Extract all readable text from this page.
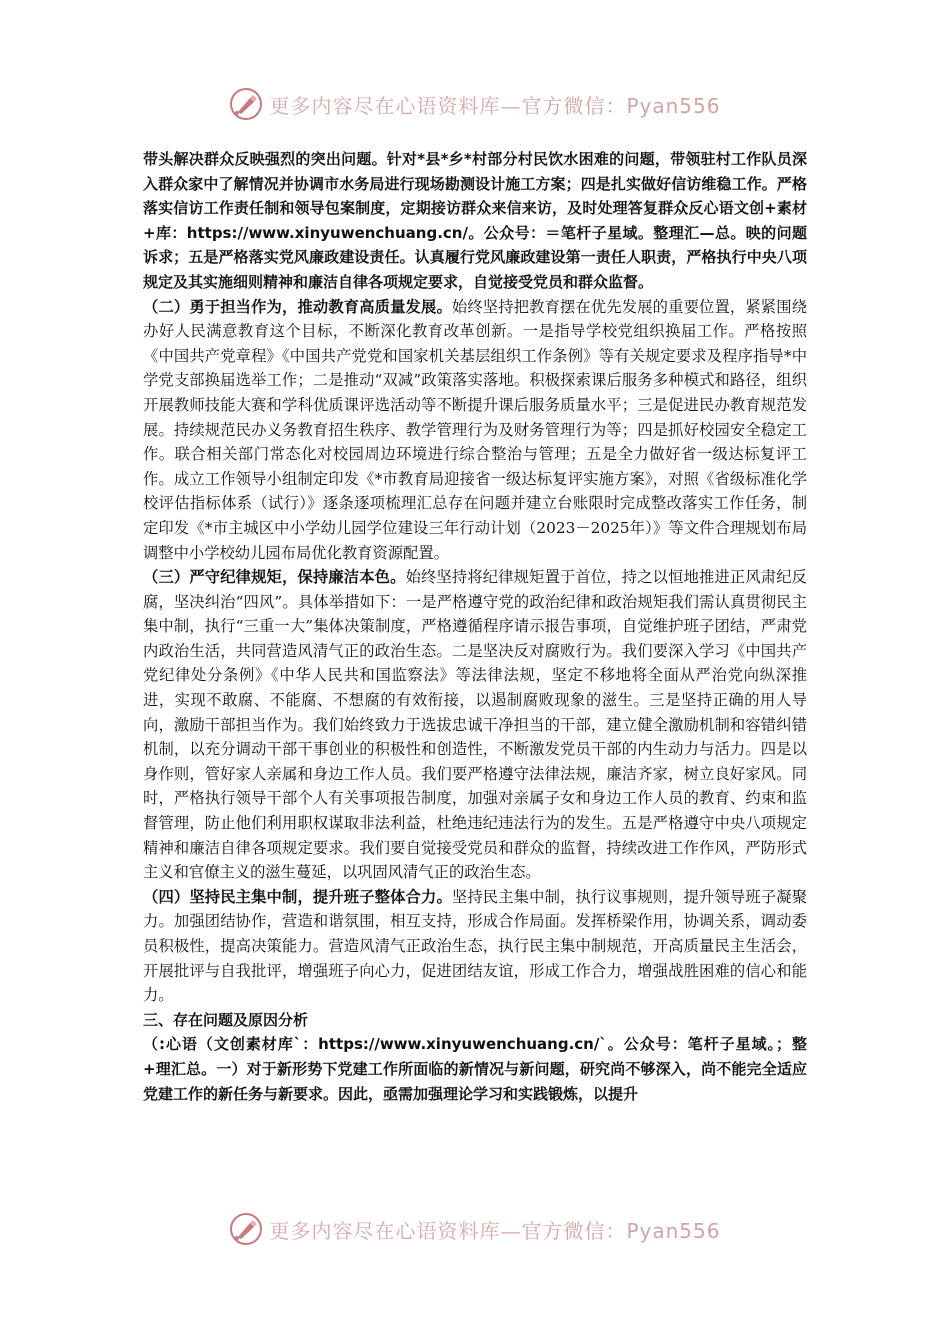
更多内容尽在心语资料库— 官方微信：Pyan556

带头解决群众反映强烈的突出问题。针对*县*乡*村部分村民饮水困难的问题，带领驻村工作队员深入群众家中了解情况并协调市水务局进行现场勘测设计施工方案；四是扎实做好信访维稳工作。严格落实信访工作责任制和领导包案制度，定期接访群众来信来访，及时处理答复群众反心语文创+素材+库：https://www.xinyuwenchuang.cn/。公众号：＝笔杆子星域。整理汇—总。映的问题诉求；五是严格落实党风廉政建设责任。认真履行党风廉政建设第一责任人职责，严格执行中央八项规定及其实施细则精神和廉洁自律各项规定要求，自觉接受党员和群众监督。

（二）勇于担当作为，推动教育高质量发展。始终坚持把教育摆在优先发展的重要位置，紧紧围绕办好人民满意教育这个目标，不断深化教育改革创新。一是指导学校党组织换届工作。严格按照《中国共产党章程》《中国共产党党和国家机关基层组织工作条例》等有关规定要求及程序指导*中学党支部换届选举工作；二是推动“双减”政策落实落地。积极探索课后服务多种模式和路径，组织开展教师技能大赛和学科优质课评选活动等不断提升课后服务质量水平；三是促进民办教育规范发展。持续规范民办义务教育招生秩序、教学管理行为及财务管理行为等；四是抓好校园安全稳定工作。联合相关部门常态化对校园周边环境进行综合整治与管理；五是全力做好省一级达标复评工作。成立工作领导小组制定印发《*市教育局迎接省一级达标复评实施方案》，对照《省级标准化学校评估指标体系（试行）》逐条逐项梳理汇总存在问题并建立台账限时完成整改落实工作任务，制定印发《*市主城区中小学幼儿园学位建设三年行动计划（2023－2025年）》等文件合理规划布局调整中小学校幼儿园布局优化教育资源配置。

（三）严守纪律规矩，保持廉洁本色。始终坚持将纪律规矩置于首位，持之以恒地推进正风肃纪反腐，坚决纠治“四风”。具体举措如下：一是严格遵守党的政治纪律和政治规矩我们需认真贯彻民主集中制，执行“三重一大”集体决策制度，严格遵循程序请示报告事项，自觉维护班子团结，严肃党内政治生活，共同营造风清气正的政治生态。二是坚决反对腐败行为。我们要深入学习《中国共产党纪律处分条例》《中华人民共和国监察法》等法律法规，坚定不移地将全面从严治党向纵深推进，实现不敢腐、不能腐、不想腐的有效衔接，以遏制腐败现象的滋生。三是坚持正确的用人导向，激励干部担当作为。我们始终致力于选拔忠诚干净担当的干部，建立健全激励机制和容错纠错机制，以充分调动干部干事创业的积极性和创造性，不断激发党员干部的内生动力与活力。四是以身作则，管好家人亲属和身边工作人员。我们要严格遵守法律法规，廉洁齐家，树立良好家风。同时，严格执行领导干部个人有关事项报告制度，加强对亲属子女和身边工作人员的教育、约束和监督管理，防止他们利用职权谋取非法利益，杜绝违纪违法行为的发生。五是严格遵守中央八项规定精神和廉洁自律各项规定要求。我们要自觉接受党员和群众的监督，持续改进工作作风，严防形式主义和官僚主义的滋生蔓延，以巩固风清气正的政治生态。

（四）坚持民主集中制，提升班子整体合力。坚持民主集中制，执行议事规则，提升领导班子凝聚力。加强团结协作，营造和谐氛围，相互支持，形成合作局面。发挥桥梁作用，协调关系，调动委员积极性，提高决策能力。营造风清气正政治生态，执行民主集中制规范，开高质量民主生活会，开展批评与自我批评，增强班子向心力，促进团结友谊，形成工作合力，增强战胜困难的信心和能力。

三、存在问题及原因分析

（:心语（文创素材库`：https://www.xinyuwenchuang.cn/`。公众号：笔杆子星域。；整+理汇总。一）对于新形势下党建工作所面临的新情况与新问题，研究尚不够深入，尚不能完全适应党建工作的新任务与新要求。因此，亟需加强理论学习和实践锻炼，以提升

更多内容尽在心语资料库— 官方微信：Pyan556
